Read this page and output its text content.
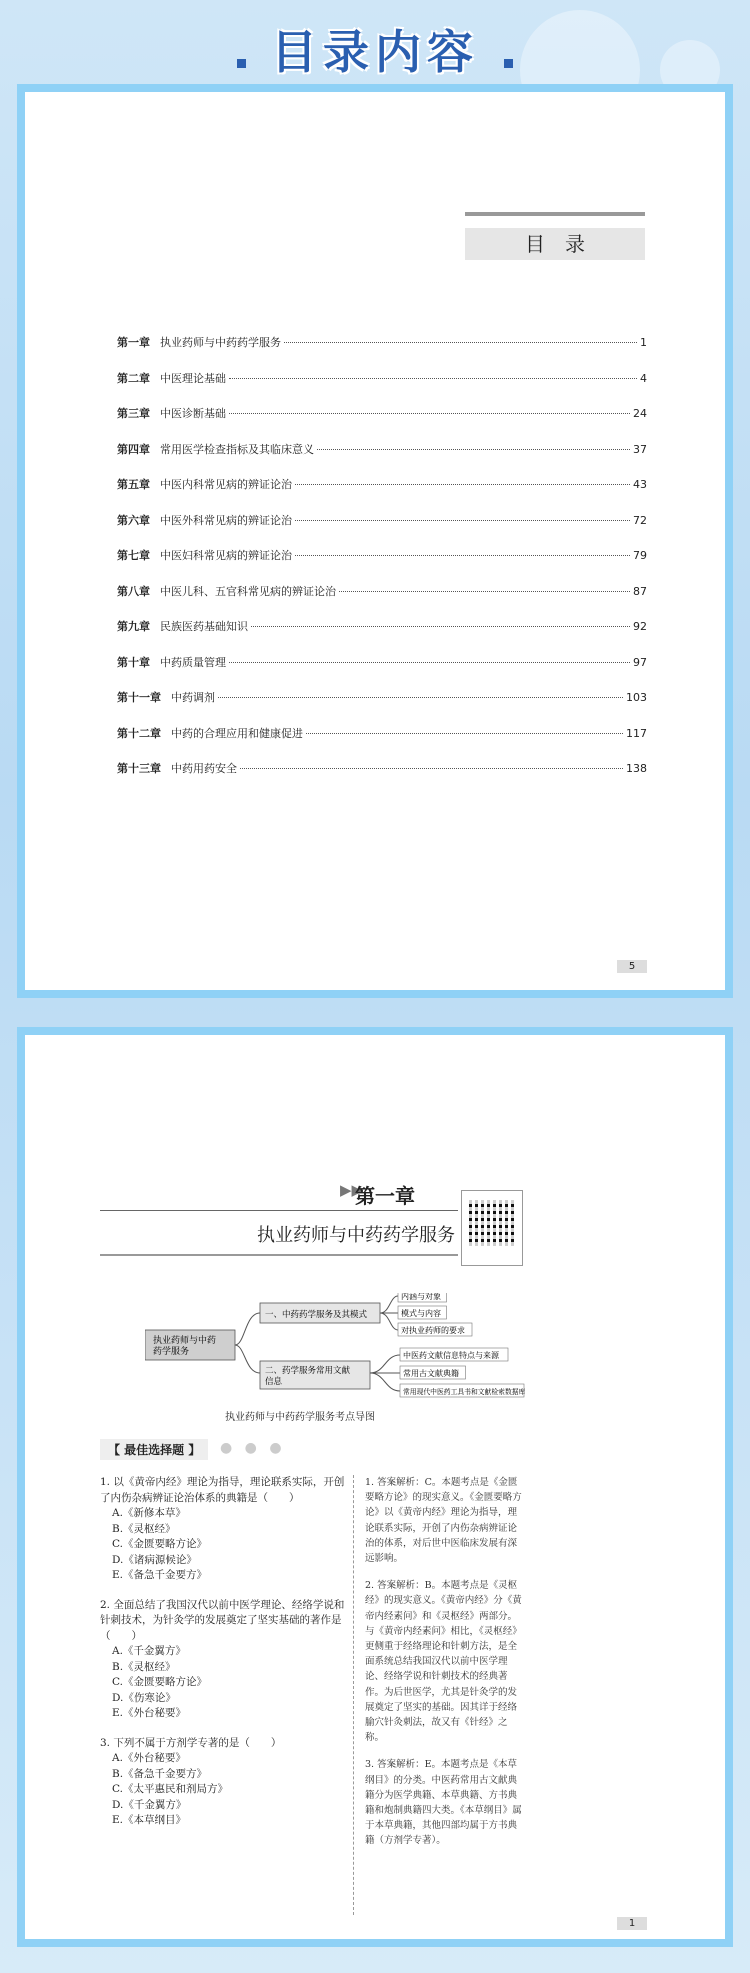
目录内容
目　录
第一章 执业药师与中药药学服务	1
第二章 中医理论基础	4
第三章 中医诊断基础	24
第四章 常用医学检查指标及其临床意义	37
第五章 中医内科常见病的辨证论治	43
第六章 中医外科常见病的辨证论治	72
第七章 中医妇科常见病的辨证论治	79
第八章 中医儿科、五官科常见病的辨证论治	87
第九章 民族医药基础知识	92
第十章 中药质量管理	97
第十一章 中药调剂	103
第十二章 中药的合理应用和健康促进	117
第十三章 中药用药安全	138
5
▶▶
第一章
执业药师与中药药学服务
执业药师与中药药学服务
一、中药药学服务及其模式
二、药学服务常用文献信息
内涵与对象
模式与内容
对执业药师的要求
中医药文献信息特点与来源
常用古文献典籍
常用现代中医药工具书和文献检索数据库
执业药师与中药药学服务考点导图
【 最佳选择题 】	● ● ●
1. 以《黄帝内经》理论为指导，理论联系实际，开创了内伤杂病辨证论治体系的典籍是（　　）
A.《新修本草》
B.《灵枢经》
C.《金匮要略方论》
D.《诸病源候论》
E.《备急千金要方》
2. 全面总结了我国汉代以前中医学理论、经络学说和针刺技术，为针灸学的发展奠定了坚实基础的著作是（　　）
A.《千金翼方》
B.《灵枢经》
C.《金匮要略方论》
D.《伤寒论》
E.《外台秘要》
3. 下列不属于方剂学专著的是（　　）
A.《外台秘要》
B.《备急千金要方》
C.《太平惠民和剂局方》
D.《千金翼方》
E.《本草纲目》
1. 答案解析：C。本题考点是《金匮要略方论》的现实意义。《金匮要略方论》以《黄帝内经》理论为指导，理论联系实际，开创了内伤杂病辨证论治的体系，对后世中医临床发展有深远影响。
2. 答案解析：B。本题考点是《灵枢经》的现实意义。《黄帝内经》分《黄帝内经素问》和《灵枢经》两部分。与《黄帝内经素问》相比，《灵枢经》更侧重于经络理论和针刺方法，是全面系统总结我国汉代以前中医学理论、经络学说和针刺技术的经典著作。为后世医学，尤其是针灸学的发展奠定了坚实的基础。因其详于经络腧穴针灸刺法，故又有《针经》之称。
3. 答案解析：E。本题考点是《本草纲目》的分类。中医药常用古文献典籍分为医学典籍、本草典籍、方书典籍和炮制典籍四大类。《本草纲目》属于本草典籍，其他四部均属于方书典籍（方剂学专著）。
1
